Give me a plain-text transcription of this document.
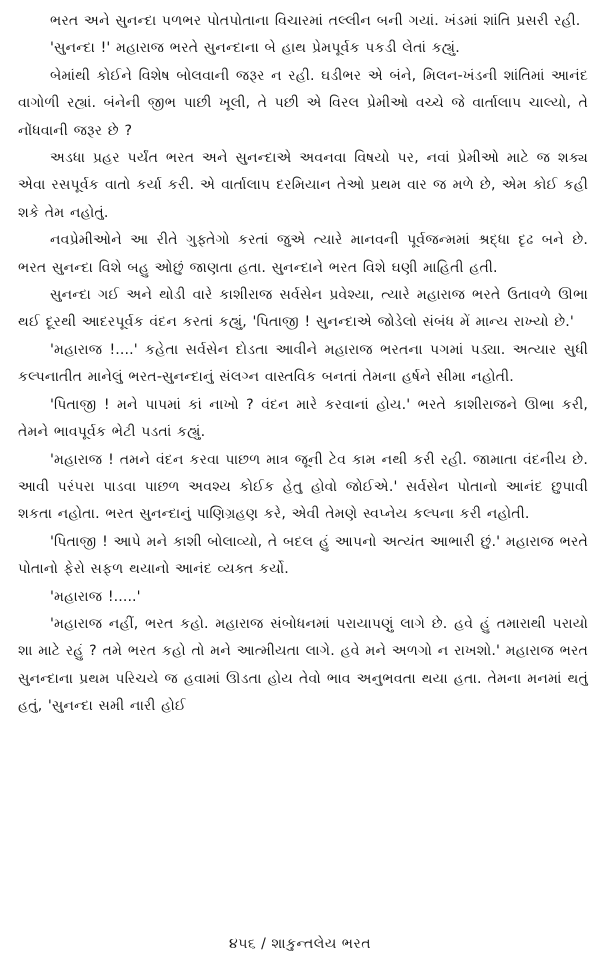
ભરત અને સુનન્દા પળભર પોતપોતાના વિચારમાં તલ્લીન બની ગયાં. ખંડમાં શાંતિ પ્રસરી રહી.

'સુનન્દા !' મહારાજ ભરતે સુનન્દાના બે હાથ પ્રેમપૂર્વક પકડી લેતાં કહ્યું.

બેમાંથી કોઈને વિશેષ બોલવાની જરૂર ન રહી. ઘડીભર એ બંને, મિલન-ખંડની શાંતિમાં આનંદ વાગોળી રહ્યાં. બંનેની જીભ પાછી ખૂલી, તે પછી એ વિરલ પ્રેમીઓ વચ્ચે જે વાર્તાલાપ ચાલ્યો, તે નોંધવાની જરૂર છે ?

અડધા પ્રહર પર્યંત ભરત અને સુનન્દાએ અવનવા વિષયો પર, નવાં પ્રેમીઓ માટે જ શક્ય એવા રસપૂર્વક વાતો કર્યા કરી. એ વાર્તાલાપ દરમિયાન તેઓ પ્રથમ વાર જ મળે છે, એમ કોઈ કહી શકે તેમ નહોતું.

નવપ્રેમીઓને આ રીતે ગુફ્તેગો કરતાં જુએ ત્યારે માનવની પૂર્વજન્મમાં શ્રદ્ધા દૃઢ બને છે. ભરત સુનન્દા વિશે બહુ ઓછું જાણતા હતા. સુનન્દાને ભરત વિશે ઘણી માહિતી હતી.

સુનન્દા ગઈ અને થોડી વારે કાશીરાજ સર્વસેન પ્રવેશ્યા, ત્યારે મહારાજ ભરતે ઉતાવળે ઊભા થઈ દૂરથી આદરપૂર્વક વંદન કરતાં કહ્યું, 'પિતાજી ! સુનન્દાએ જોડેલો સંબંધ મેં માન્ય રાખ્યો છે.'

'મહારાજ !....' કહેતા સર્વસેન દોડતા આવીને મહારાજ ભરતના પગમાં પડ્યા. અત્યાર સુધી કલ્પનાતીત માનેલું ભરત-સુનન્દાનું સંલગ્ન વાસ્તવિક બનતાં તેમના હર્ષને સીમા નહોતી.

'પિતાજી ! મને પાપમાં કાં નાખો ? વંદન મારે કરવાનાં હોય.' ભરતે કાશીરાજને ઊભા કરી, તેમને ભાવપૂર્વક ભેટી પડતાં કહ્યું.

'મહારાજ ! તમને વંદન કરવા પાછળ માત્ર જૂની ટેવ કામ નથી કરી રહી. જામાતા વંદનીય છે. આવી પરંપરા પાડવા પાછળ અવશ્ય કોઈક હેતુ હોવો જોઈએ.' સર્વસેન પોતાનો આનંદ છુપાવી શકતા નહોતા. ભરત સુનન્દાનું પાણિગ્રહણ કરે, એવી તેમણે સ્વપ્નેય કલ્પના કરી નહોતી.

'પિતાજી ! આપે મને કાશી બોલાવ્યો, તે બદલ હું આપનો અત્યંત આભારી છું.' મહારાજ ભરતે પોતાનો ફેરો સફળ થયાનો આનંદ વ્યક્ત કર્યો.

'મહારાજ !.....'

'મહારાજ નહીં, ભરત કહો. મહારાજ સંબોધનમાં પરાયાપણું લાગે છે. હવે હું તમારાથી પરાયો શા માટે રહું ? તમે ભરત કહો તો મને આત્મીયતા લાગે. હવે મને અળગો ન રાખશો.' મહારાજ ભરત સુનન્દાના પ્રથમ પરિચયે જ હવામાં ઊડતા હોય તેવો ભાવ અનુભવતા થયા હતા. તેમના મનમાં થતું હતું, 'સુનન્દા સમી નારી હોઈ

૪૫૬ / શાકુન્તલેય ભરત
